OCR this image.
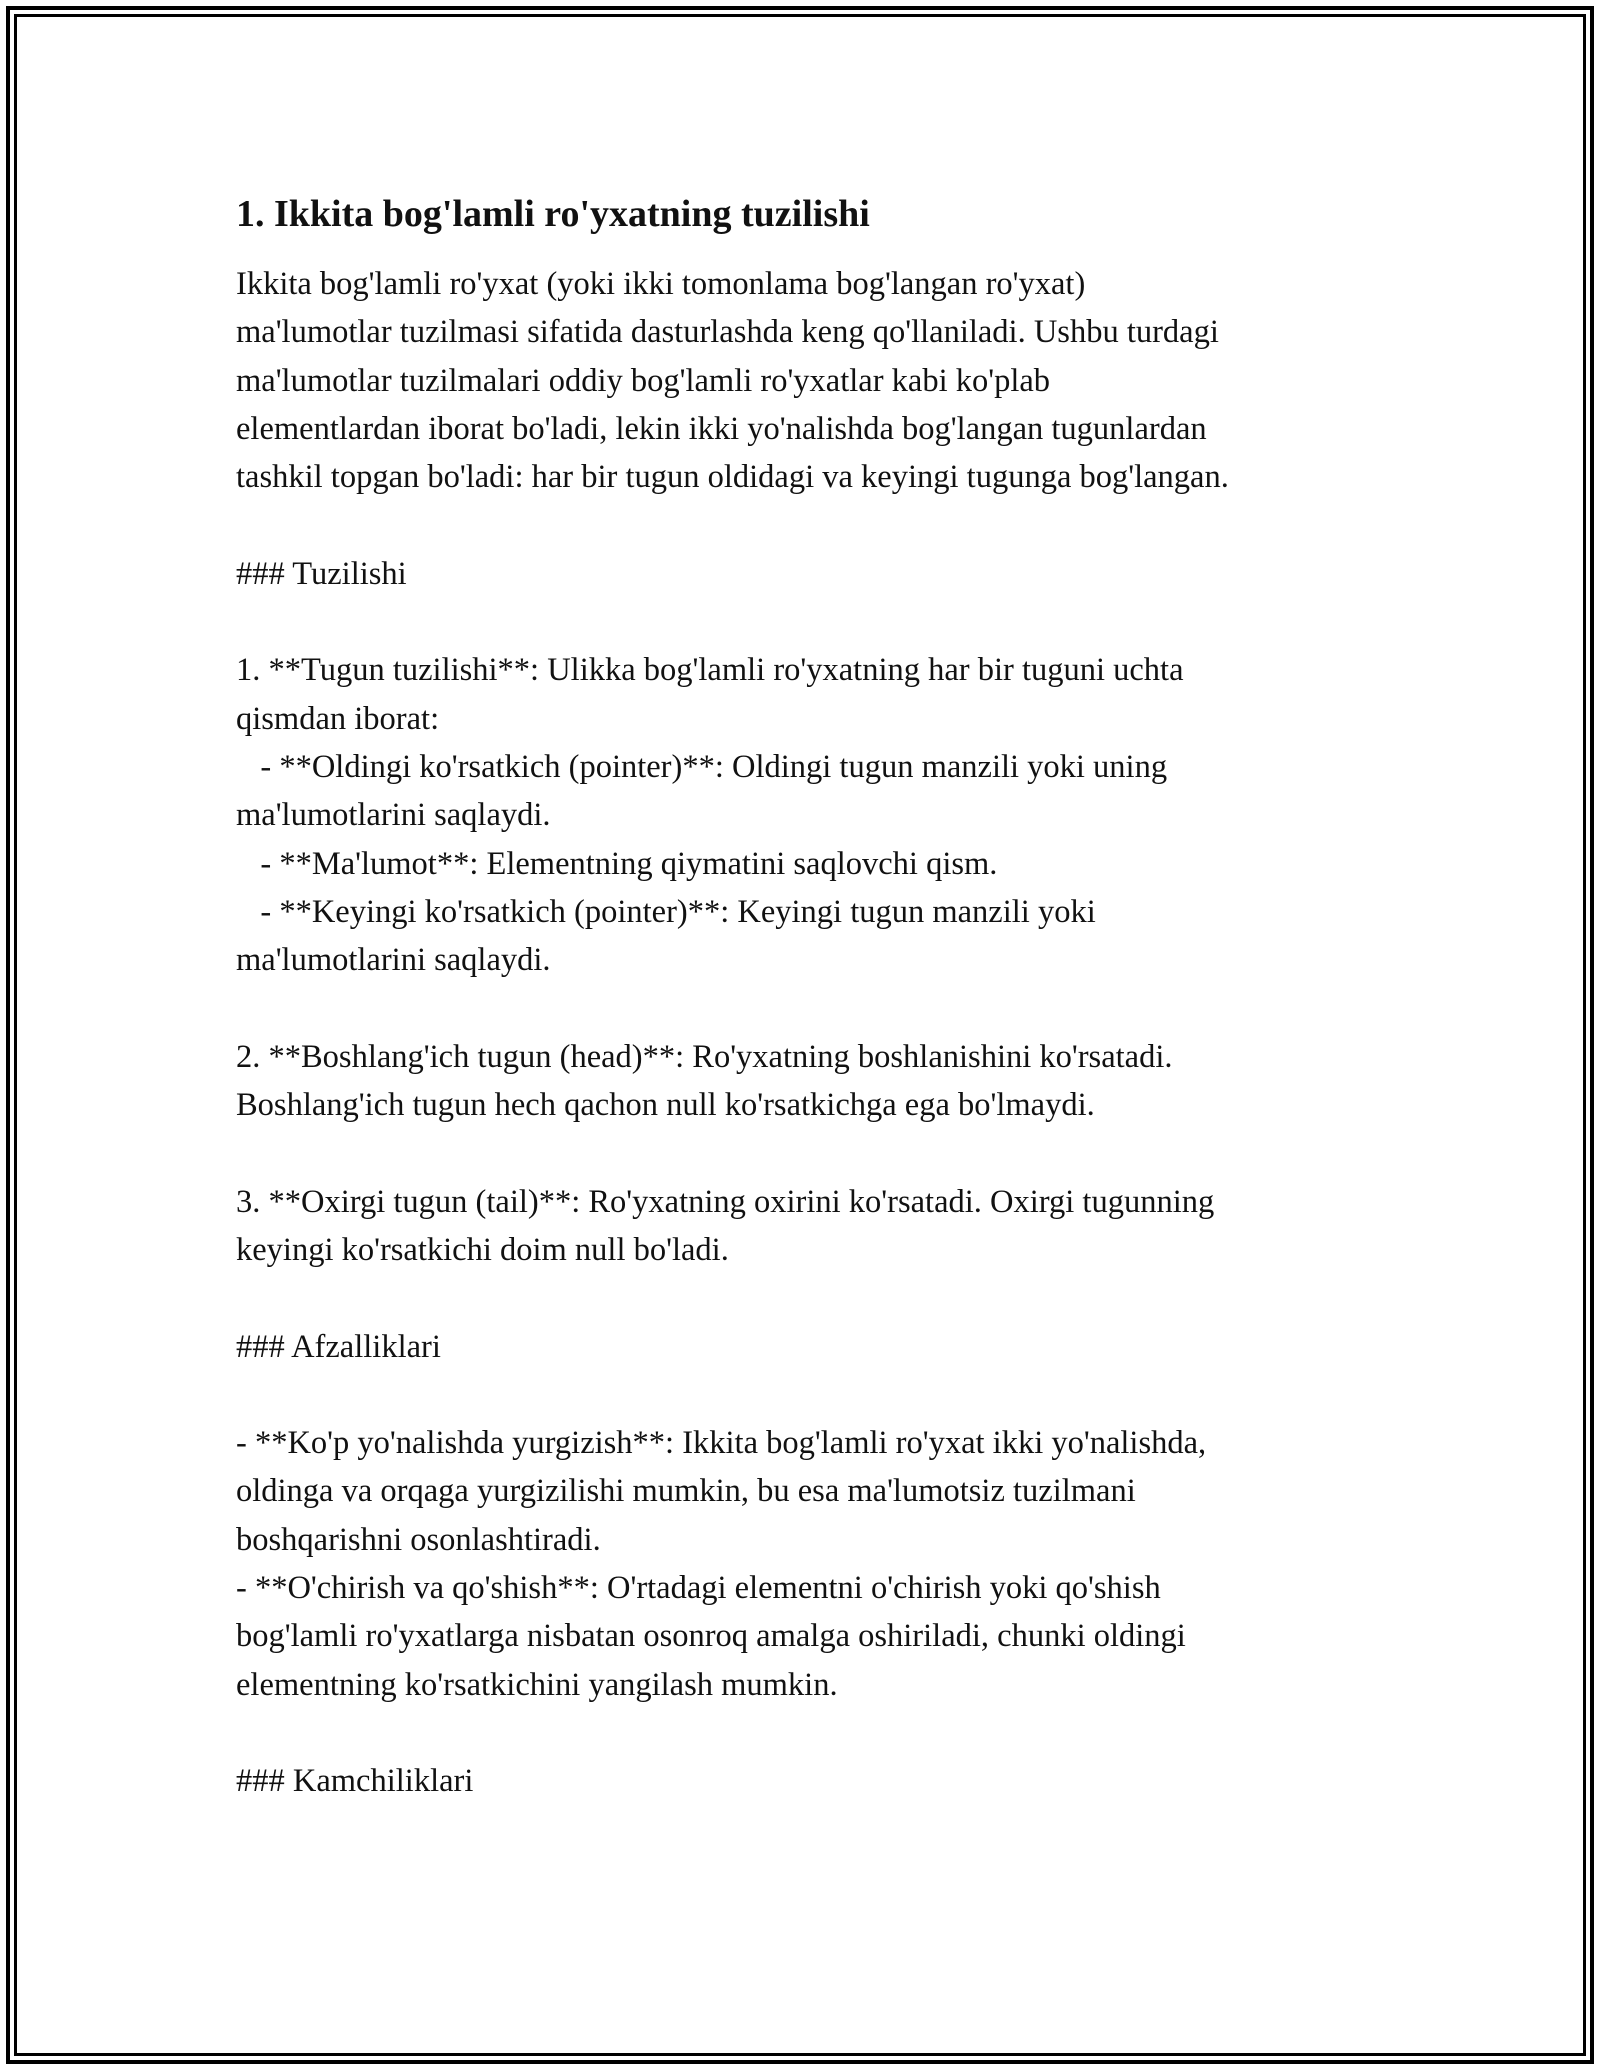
1. Ikkita bog'lamli ro'yxatning tuzilishi

Ikkita bog'lamli ro'yxat (yoki ikki tomonlama bog'langan ro'yxat)
ma'lumotlar tuzilmasi sifatida dasturlashda keng qo'llaniladi. Ushbu turdagi
ma'lumotlar tuzilmalari oddiy bog'lamli ro'yxatlar kabi ko'plab
elementlardan iborat bo'ladi, lekin ikki yo'nalishda bog'langan tugunlardan
tashkil topgan bo'ladi: har bir tugun oldidagi va keyingi tugunga bog'langan.

### Tuzilishi

1. **Tugun tuzilishi**: Ulikka bog'lamli ro'yxatning har bir tuguni uchta
qismdan iborat:
- **Oldingi ko'rsatkich (pointer)**: Oldingi tugun manzili yoki uning
ma'lumotlarini saqlaydi.
- **Ma'lumot**: Elementning qiymatini saqlovchi qism.
- **Keyingi ko'rsatkich (pointer)**: Keyingi tugun manzili yoki
ma'lumotlarini saqlaydi.

2. **Boshlang'ich tugun (head)**: Ro'yxatning boshlanishini ko'rsatadi.
Boshlang'ich tugun hech qachon null ko'rsatkichga ega bo'lmaydi.

3. **Oxirgi tugun (tail)**: Ro'yxatning oxirini ko'rsatadi. Oxirgi tugunning
keyingi ko'rsatkichi doim null bo'ladi.

### Afzalliklari

- **Ko'p yo'nalishda yurgizish**: Ikkita bog'lamli ro'yxat ikki yo'nalishda,
oldinga va orqaga yurgizilishi mumkin, bu esa ma'lumotsiz tuzilmani
boshqarishni osonlashtiradi.
- **O'chirish va qo'shish**: O'rtadagi elementni o'chirish yoki qo'shish
bog'lamli ro'yxatlarga nisbatan osonroq amalga oshiriladi, chunki oldingi
elementning ko'rsatkichini yangilash mumkin.

### Kamchiliklari
